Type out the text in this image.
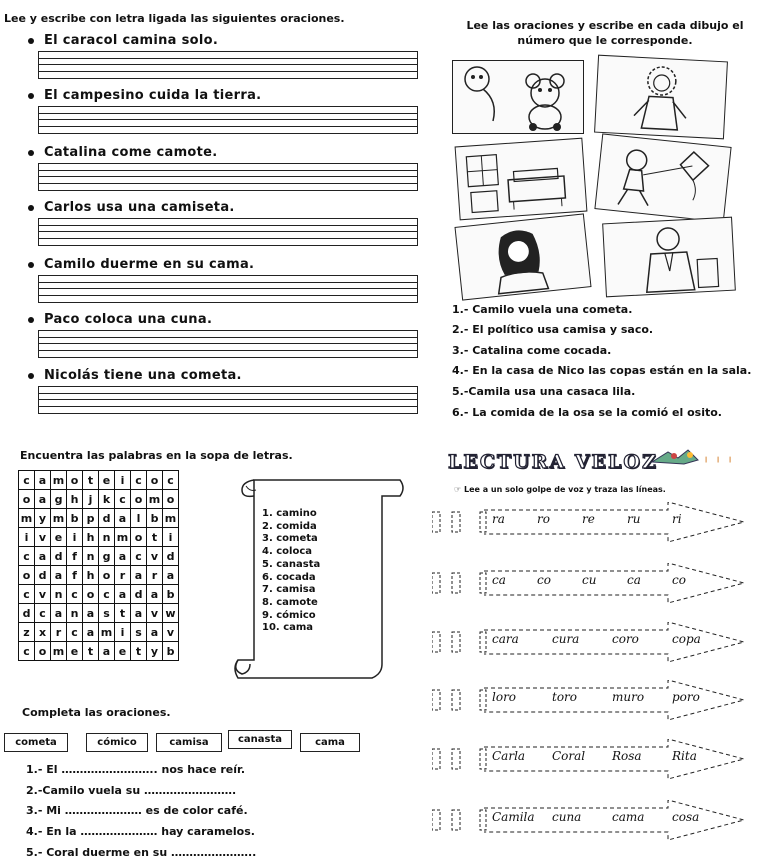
Lee y escribe con letra ligada las siguientes oraciones.
El caracol camina solo.
El campesino cuida la tierra.
Catalina come camote.
Carlos usa una camiseta.
Camilo duerme en su cama.
Paco coloca una cuna.
Nicolás tiene una cometa.
Lee las oraciones y escribe en cada dibujo el
número que le corresponde.
1.- Camilo vuela una cometa.
2.- El político usa camisa y saco.
3.- Catalina come cocada.
4.- En la casa de Nico las copas están en la sala.
5.-Camila usa una casaca lila.
6.- La comida de la osa se la comió el osito.
Encuentra las palabras en la sopa de letras.
c	a	m	o	t	e	i	c	o	c
o	a	g	h	j	k	c	o	m	o
m	y	m	b	p	d	a	l	b	m
i	v	e	i	h	n	m	o	t	i
c	a	d	f	n	g	a	c	v	d
o	d	a	f	h	o	r	a	r	a
c	v	n	c	o	c	a	d	a	b
d	c	a	n	a	s	t	a	v	w
z	x	r	c	a	m	i	s	a	v
c	o	m	e	t	a	e	t	y	b
1. camino
2. comida
3. cometa
4. coloca
5. canasta
6. cocada
7. camisa
8. camote
9. cómico
10. cama
Completa las oraciones.
cometa	cómico	camisa	canasta	cama
1.- El …………………….. nos hace reír.
2.-Camilo vuela su …………………….
3.- Mi ………………… es de color café.
4.- En la ………………… hay caramelos.
5.- Coral duerme en su …………………..
LECTURA VELOZ	╷╷╷
☞ Lee a un solo golpe de voz y traza las líneas.
ra	ro	re	ru	ri
ca	co	cu	ca	co
cara	cura	coro	copa
loro	toro	muro poro
Carla Coral Rosa	Rita
Camila cuna	cama cosa
